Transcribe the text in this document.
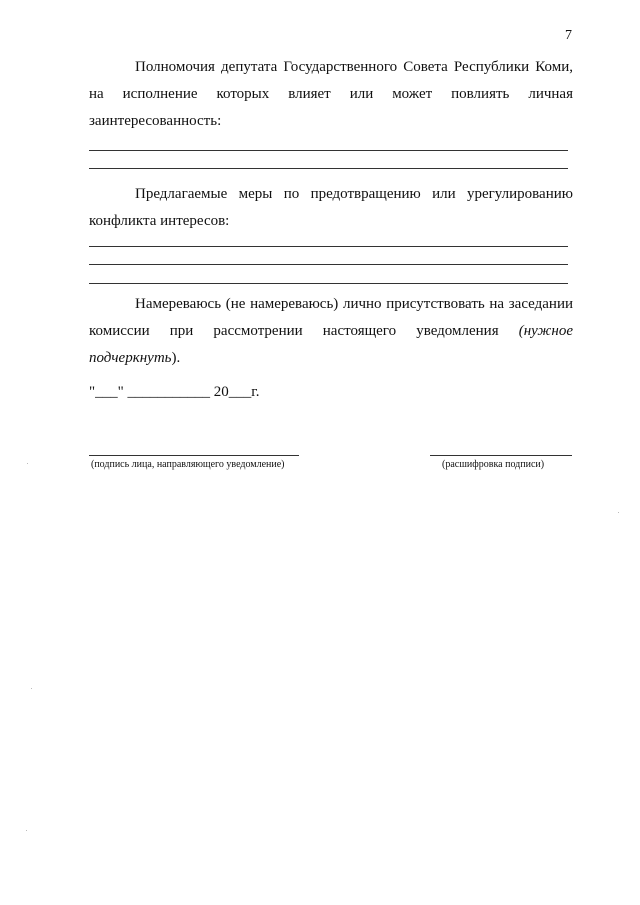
7
Полномочия депутата Государственного Совета Республики Коми,
на исполнение которых влияет или может повлиять личная
заинтересованность:
Предлагаемые меры по предотвращению или урегулированию
конфликта интересов:
Намереваюсь (не намереваюсь) лично присутствовать на заседании
комиссии при рассмотрении настоящего уведомления (нужное
подчеркнуть).
"___" ___________ 20___г.
(подпись лица, направляющего уведомление)	(расшифровка подписи)
